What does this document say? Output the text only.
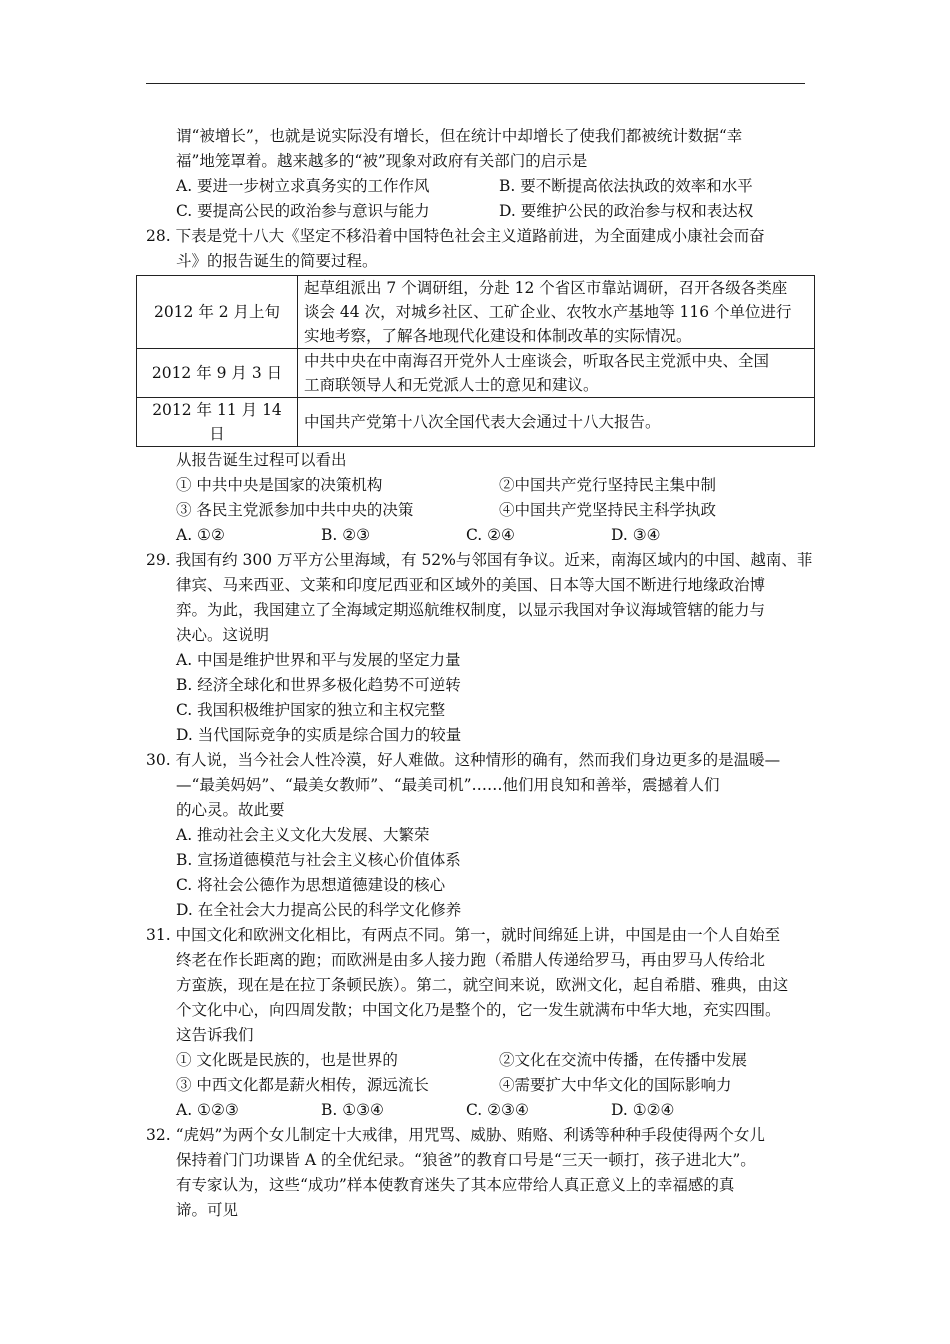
谓“被增长”，也就是说实际没有增长，但在统计中却增长了使我们都被统计数据“幸
福”地笼罩着。越来越多的“被”现象对政府有关部门的启示是
A. 要进一步树立求真务实的工作作风	B. 要不断提高依法执政的效率和水平
C. 要提高公民的政治参与意识与能力	D. 要维护公民的政治参与权和表达权
28. 下表是党十八大《坚定不移沿着中国特色社会主义道路前进，为全面建成小康社会而奋
斗》的报告诞生的简要过程。
2012 年 2 月上旬	起草组派出 7 个调研组，分赴 12 个省区市靠站调研，召开各级各类座
谈会 44 次，对城乡社区、工矿企业、农牧水产基地等 116 个单位进行
实地考察，了解各地现代化建设和体制改革的实际情况。

2012 年 9 月 3 日	中共中央在中南海召开党外人士座谈会，听取各民主党派中央、全国
工商联领导人和无党派人士的意见和建议。

2012 年 11 月 14 日	中国共产党第十八次全国代表大会通过十八大报告。
从报告诞生过程可以看出
① 中共中央是国家的决策机构	②中国共产党行坚持民主集中制
③ 各民主党派参加中共中央的决策	④中国共产党坚持民主科学执政
A. ①②	B. ②③	C. ②④	D. ③④
29. 我国有约 300 万平方公里海域，有 52%与邻国有争议。近来，南海区域内的中国、越南、菲
律宾、马来西亚、文莱和印度尼西亚和区域外的美国、日本等大国不断进行地缘政治博
弈。为此，我国建立了全海域定期巡航维权制度，以显示我国对争议海域管辖的能力与
决心。这说明
A. 中国是维护世界和平与发展的坚定力量
B. 经济全球化和世界多极化趋势不可逆转
C. 我国积极维护国家的独立和主权完整
D. 当代国际竞争的实质是综合国力的较量
30. 有人说，当今社会人性冷漠，好人难做。这种情形的确有，然而我们身边更多的是温暖—
—“最美妈妈”、“最美女教师”、“最美司机”……他们用良知和善举，震撼着人们
的心灵。故此要
A. 推动社会主义文化大发展、大繁荣
B. 宣扬道德模范与社会主义核心价值体系
C. 将社会公德作为思想道德建设的核心
D. 在全社会大力提高公民的科学文化修养
31. 中国文化和欧洲文化相比，有两点不同。第一，就时间绵延上讲，中国是由一个人自始至
终老在作长距离的跑；而欧洲是由多人接力跑（希腊人传递给罗马，再由罗马人传给北
方蛮族，现在是在拉丁条顿民族）。第二，就空间来说，欧洲文化，起自希腊、雅典，由这
个文化中心，向四周发散；中国文化乃是整个的，它一发生就满布中华大地，充实四围。
这告诉我们
① 文化既是民族的，也是世界的	②文化在交流中传播，在传播中发展
③ 中西文化都是薪火相传，源远流长	④需要扩大中华文化的国际影响力
A. ①②③	B. ①③④	C. ②③④	D. ①②④
32. “虎妈”为两个女儿制定十大戒律，用咒骂、威胁、贿赂、利诱等种种手段使得两个女儿
保持着门门功课皆 A 的全优纪录。“狼爸”的教育口号是“三天一顿打，孩子进北大”。
有专家认为，这些“成功”样本使教育迷失了其本应带给人真正意义上的幸福感的真
谛。可见
